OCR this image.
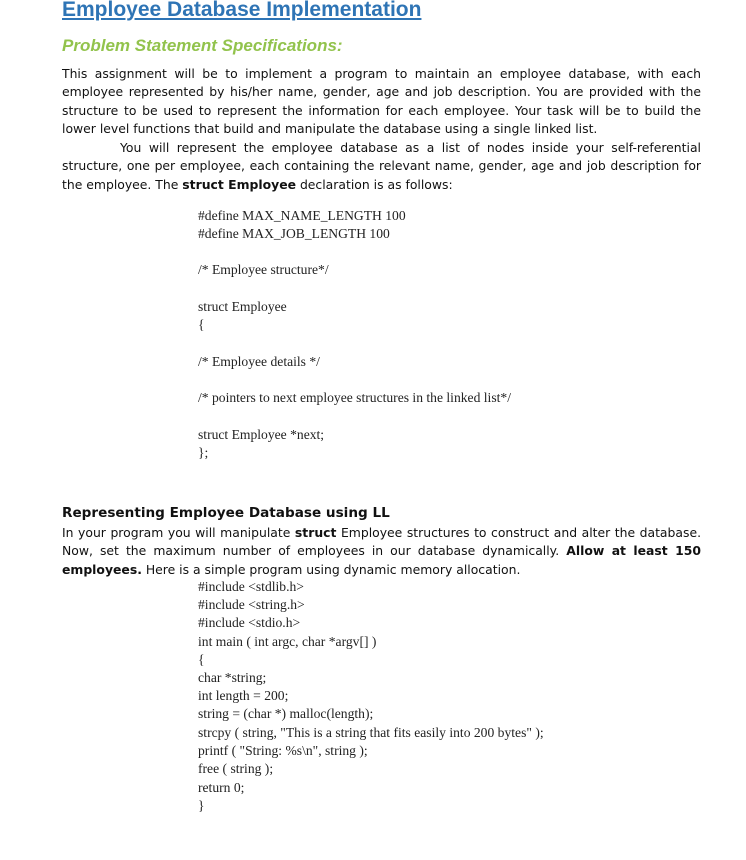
Employee Database Implementation
Problem Statement Specifications:

This assignment will be to implement a program to maintain an employee database, with each employee represented by his/her name, gender, age and job description. You are provided with the structure to be used to represent the information for each employee. Your task will be to build the lower level functions that build and manipulate the database using a single linked list.

You will represent the employee database as a list of nodes inside your self-referential structure, one per employee, each containing the relevant name, gender, age and job description for the employee. The struct Employee declaration is as follows:

#define MAX_NAME_LENGTH 100

#define MAX_JOB_LENGTH 100

/* Employee structure*/

struct Employee

{

/* Employee details */

/* pointers to next employee structures in the linked list*/

struct Employee *next;

};

Representing Employee Database using LL

In your program you will manipulate struct Employee structures to construct and alter the database. Now, set the maximum number of employees in our database dynamically. Allow at least 150 employees. Here is a simple program using dynamic memory allocation.

#include <stdlib.h>

#include <string.h>

#include <stdio.h>

int main ( int argc, char *argv[] )

{

char *string;

int length = 200;

string = (char *) malloc(length);

strcpy ( string, "This is a string that fits easily into 200 bytes" );

printf ( "String: %s\n", string );

free ( string );

return 0;

}
